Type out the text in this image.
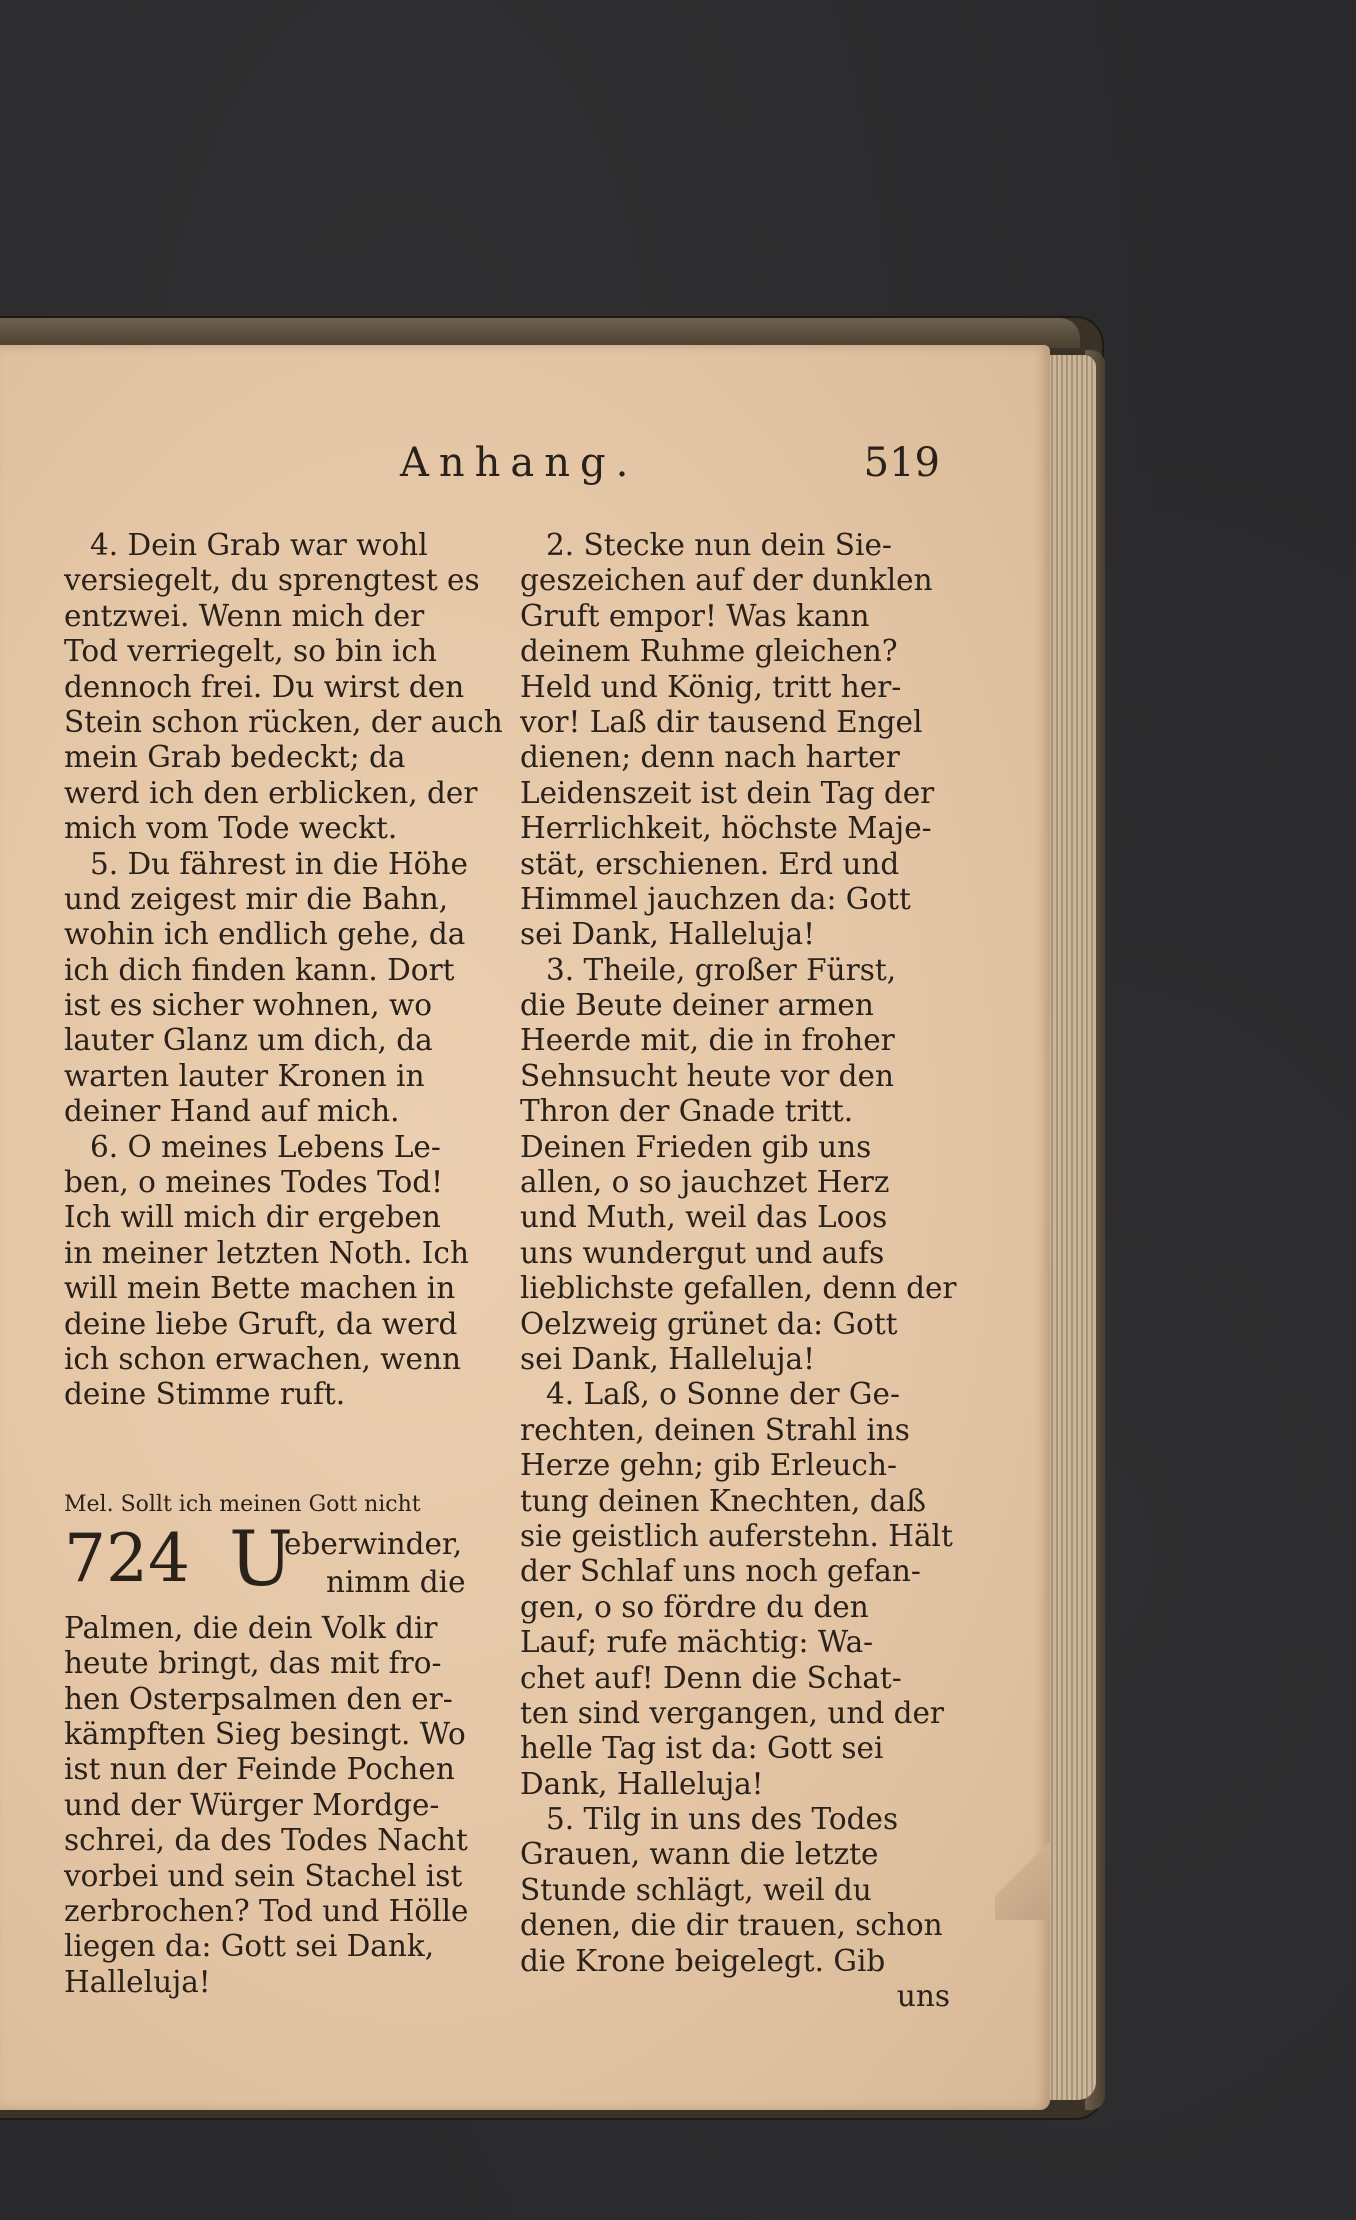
Anhang.	519
4. Dein Grab war wohl
versiegelt, du sprengtest es
entzwei. Wenn mich der
Tod verriegelt, so bin ich
dennoch frei. Du wirst den
Stein schon rücken, der auch
mein Grab bedeckt; da
werd ich den erblicken, der
mich vom Tode weckt.
5. Du fährest in die Höhe
und zeigest mir die Bahn,
wohin ich endlich gehe, da
ich dich finden kann. Dort
ist es sicher wohnen, wo
lauter Glanz um dich, da
warten lauter Kronen in
deiner Hand auf mich.
6. O meines Lebens Le-
ben, o meines Todes Tod!
Ich will mich dir ergeben
in meiner letzten Noth. Ich
will mein Bette machen in
deine liebe Gruft, da werd
ich schon erwachen, wenn
deine Stimme ruft.
Mel. Sollt ich meinen Gott nicht
724 U
eberwinder,
nimm die
Palmen, die dein Volk dir
heute bringt, das mit fro-
hen Osterpsalmen den er-
kämpften Sieg besingt. Wo
ist nun der Feinde Pochen
und der Würger Mordge-
schrei, da des Todes Nacht
vorbei und sein Stachel ist
zerbrochen? Tod und Hölle
liegen da: Gott sei Dank,
Halleluja!
2. Stecke nun dein Sie-
geszeichen auf der dunklen
Gruft empor! Was kann
deinem Ruhme gleichen?
Held und König, tritt her-
vor! Laß dir tausend Engel
dienen; denn nach harter
Leidenszeit ist dein Tag der
Herrlichkeit, höchste Maje-
stät, erschienen. Erd und
Himmel jauchzen da: Gott
sei Dank, Halleluja!
3. Theile, großer Fürst,
die Beute deiner armen
Heerde mit, die in froher
Sehnsucht heute vor den
Thron der Gnade tritt.
Deinen Frieden gib uns
allen, o so jauchzet Herz
und Muth, weil das Loos
uns wundergut und aufs
lieblichste gefallen, denn der
Oelzweig grünet da: Gott
sei Dank, Halleluja!
4. Laß, o Sonne der Ge-
rechten, deinen Strahl ins
Herze gehn; gib Erleuch-
tung deinen Knechten, daß
sie geistlich auferstehn. Hält
der Schlaf uns noch gefan-
gen, o so fördre du den
Lauf; rufe mächtig: Wa-
chet auf! Denn die Schat-
ten sind vergangen, und der
helle Tag ist da: Gott sei
Dank, Halleluja!
5. Tilg in uns des Todes
Grauen, wann die letzte
Stunde schlägt, weil du
denen, die dir trauen, schon
die Krone beigelegt. Gib
uns
